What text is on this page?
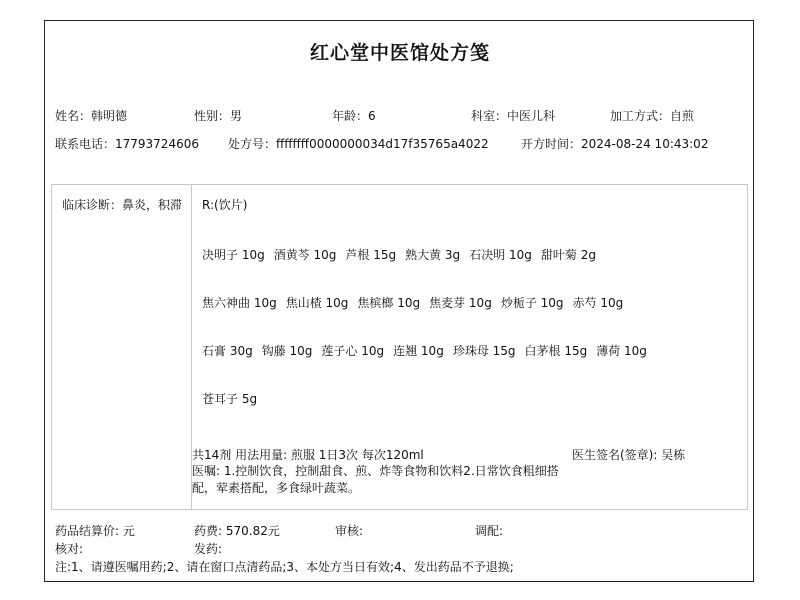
红心堂中医馆处方笺
姓名：韩明德	性别：男	年龄：6	科室：中医儿科	加工方式：自煎
联系电话：17793724606 处方号：ffffffff0000000034d17f35765a4022	开方时间：2024-08-24 10:43:02
临床诊断：鼻炎，积滞 R:(饮片)
决明子 10g 酒黄芩 10g 芦根 15g 熟大黄 3g 石决明 10g 甜叶菊 2g
焦六神曲 10g 焦山楂 10g 焦槟榔 10g 焦麦芽 10g 炒栀子 10g 赤芍 10g
石膏 30g 钩藤 10g 莲子心 10g 连翘 10g 珍珠母 15g 白茅根 15g 薄荷 10g
苍耳子 5g
共14剂 用法用量: 煎服 1日3次 每次120ml	医生签名(签章): 吴栋
医嘱: 1.控制饮食，控制甜食、煎、炸等食物和饮料2.日常饮食粗细搭配，荤素搭配，多食绿叶蔬菜。
药品结算价: 元	药费: 570.82元	审核:	调配:
核对:	发药:
注:1、请遵医嘱用药;2、请在窗口点清药品;3、本处方当日有效;4、发出药品不予退换;
